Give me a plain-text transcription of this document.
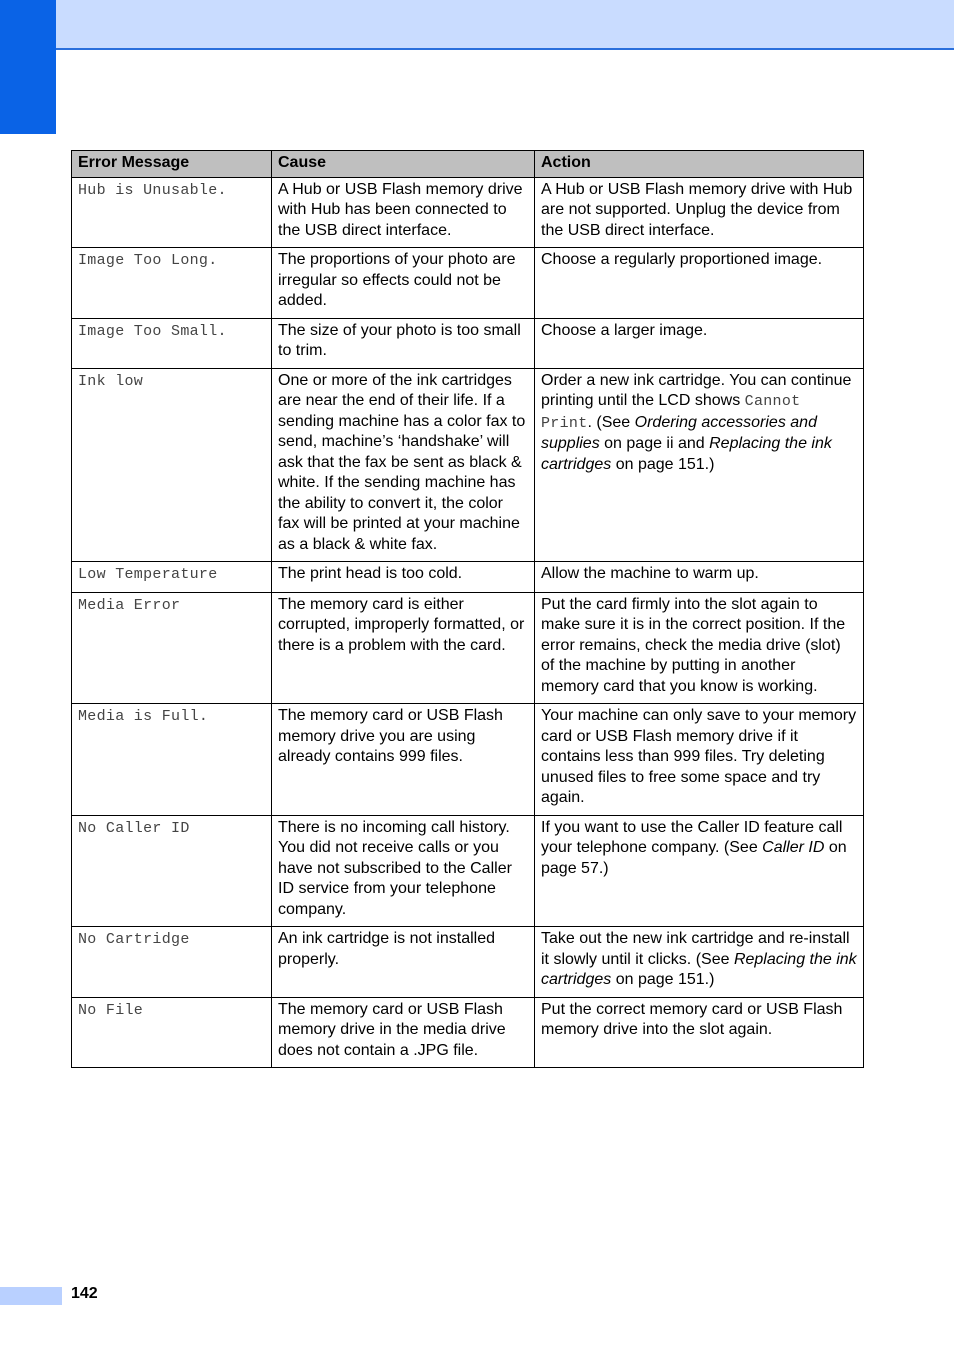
Error Message	Cause	Action
Hub is Unusable.	A Hub or USB Flash memory drive with Hub has been connected to the USB direct interface.	A Hub or USB Flash memory drive with Hub are not supported. Unplug the device from the USB direct interface.
Image Too Long.	The proportions of your photo are irregular so effects could not be added.	Choose a regularly proportioned image.
Image Too Small.	The size of your photo is too small to trim.	Choose a larger image.
Ink low	One or more of the ink cartridges are near the end of their life. If a sending machine has a color fax to send, machine’s ‘handshake’ will ask that the fax be sent as black & white. If the sending machine has the ability to convert it, the color fax will be printed at your machine as a black & white fax.	Order a new ink cartridge. You can continue printing until the LCD shows Cannot Print. (See Ordering accessories and supplies on page ii and Replacing the ink cartridges on page 151.)
Low Temperature	The print head is too cold.	Allow the machine to warm up.
Media Error	The memory card is either corrupted, improperly formatted, or there is a problem with the card.	Put the card firmly into the slot again to make sure it is in the correct position. If the error remains, check the media drive (slot) of the machine by putting in another memory card that you know is working.
Media is Full.	The memory card or USB Flash memory drive you are using already contains 999 files.	Your machine can only save to your memory card or USB Flash memory drive if it contains less than 999 files. Try deleting unused files to free some space and try again.
No Caller ID	There is no incoming call history. You did not receive calls or you have not subscribed to the Caller ID service from your telephone company.	If you want to use the Caller ID feature call your telephone company. (See Caller ID on page 57.)
No Cartridge	An ink cartridge is not installed properly.	Take out the new ink cartridge and re-install it slowly until it clicks. (See Replacing the ink cartridges on page 151.)
No File	The memory card or USB Flash memory drive in the media drive does not contain a .JPG file.	Put the correct memory card or USB Flash memory drive into the slot again.
142
